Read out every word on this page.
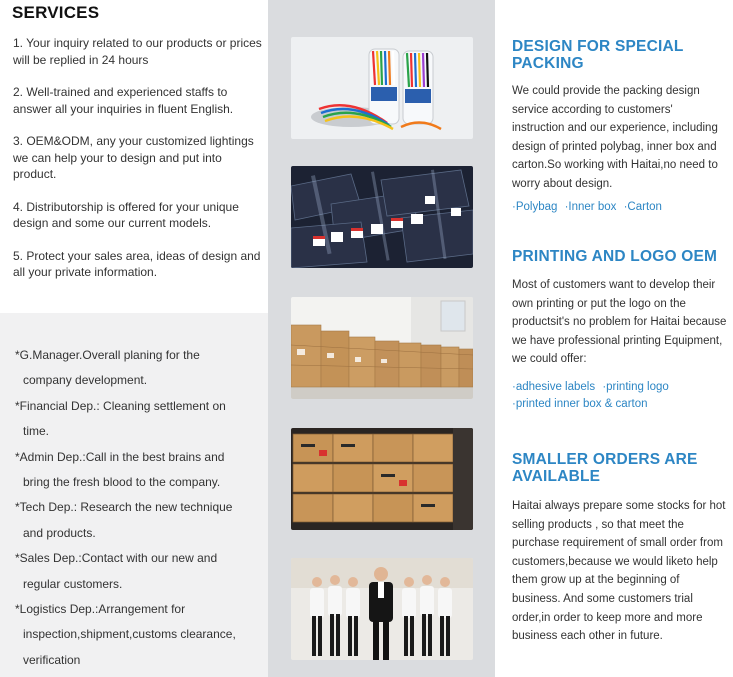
SERVICES
1. Your inquiry related to our products or prices will be replied in 24 hours
2. Well-trained and experienced staffs to answer all your inquiries in fluent English.
3. OEM&ODM, any your customized lightings we can help your to design and put into product.
4. Distributorship is offered for your unique design and some our current models.
5. Protect your sales area, ideas of design and all your private information.
*G.Manager.Overall planing for the
company development.
*Financial Dep.: Cleaning settlement on
time.
*Admin Dep.:Call in the best brains and
bring the fresh blood to the company.
*Tech Dep.: Research the new technique
and products.
*Sales Dep.:Contact with our new and
regular customers.
*Logistics Dep.:Arrangement for
inspection,shipment,customs clearance,
verification
DESIGN FOR SPECIAL PACKING
We could provide the packing design service according to customers' instruction and our experience, including design of printed polybag, inner box and carton.So working with Haitai,no need to worry about design.
·Polybag ·Inner box ·Carton
PRINTING AND LOGO OEM
Most of customers want to develop their own printing or put the logo on the productsit's no problem for Haitai because we have professional printing Equipment, we could offer:
·adhesive labels ·printing logo
·printed inner box & carton
SMALLER ORDERS ARE AVAILABLE
Haitai always prepare some stocks for hot selling products , so that meet the purchase requirement of small order from customers,because we would liketo help them grow up at the beginning of business. And some customers trial order,in order to keep more and more business each other in future.
